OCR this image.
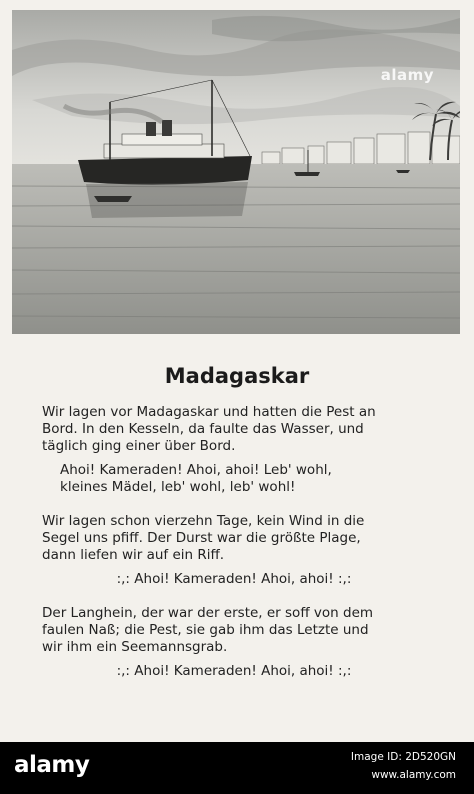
alamy
Madagaskar
Wir lagen vor Madagaskar und hatten die Pest an
Bord. In den Kesseln, da faulte das Wasser, und
täglich ging einer über Bord.
Ahoi! Kameraden! Ahoi, ahoi! Leb' wohl,
kleines Mädel, leb' wohl, leb' wohl!
Wir lagen schon vierzehn Tage, kein Wind in die
Segel uns pfiff. Der Durst war die größte Plage,
dann liefen wir auf ein Riff.
:,: Ahoi! Kameraden! Ahoi, ahoi! :,:
Der Langhein, der war der erste, er soff von dem
faulen Naß; die Pest, sie gab ihm das Letzte und
wir ihm ein Seemannsgrab.
:,: Ahoi! Kameraden! Ahoi, ahoi! :,:
alamy	Image ID: 2D520GN
www.alamy.com
